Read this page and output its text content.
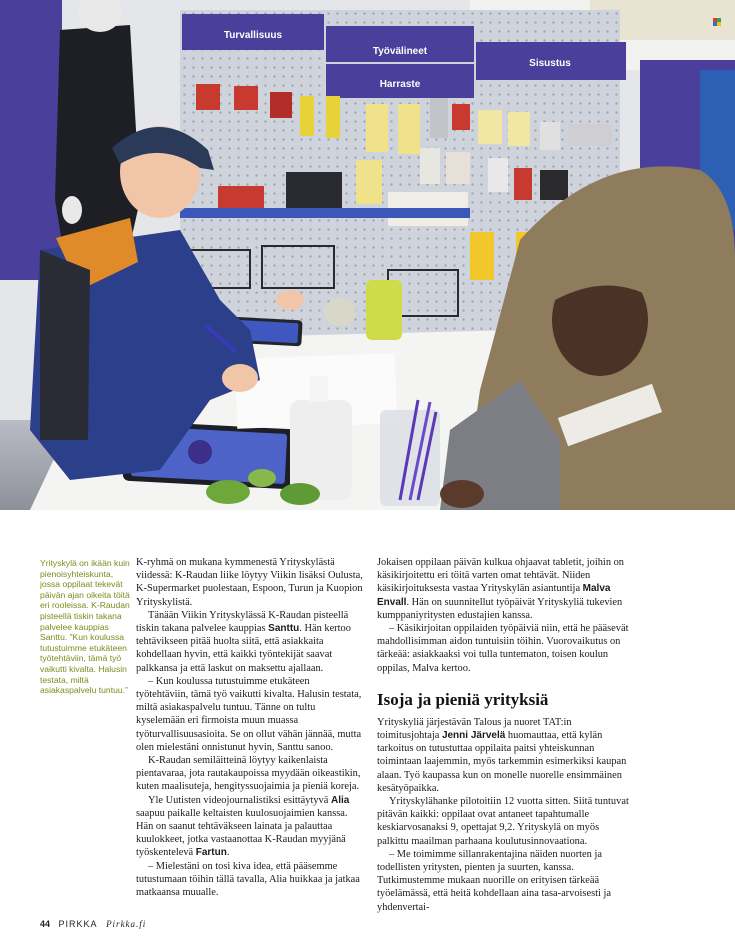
Turvallisuus
Työvälineet
Harraste
Sisustus

Yrityskylä on ikään kuin pienoisyhteiskunta, jossa oppilaat tekevät päivän ajan oikeita töitä eri rooleissa. K-Raudan pisteellä tiskin takana palvelee kauppias Santtu. ”Kun koulussa tutustuimme etukäteen työtehtäviin, tämä työ vaikutti kivalta. Halusin testata, miltä asiakaspalvelu tuntuu.”

K-ryhmä on mukana kymmenestä Yrityskylästä viidessä: K-Raudan liike löytyy Viikin lisäksi Oulusta, K-Supermarket puolestaan, Espoon, Turun ja Kuopion Yrityskylistä.

Tänään Viikin Yrityskylässä K-Raudan pisteellä tiskin takana palvelee kauppias Santtu. Hän kertoo tehtävikseen pitää huolta siitä, että asiakkaita kohdellaan hyvin, että kaikki työntekijät saavat palkkansa ja että laskut on maksettu ajallaan.

– Kun koulussa tutustuimme etukäteen työtehtäviin, tämä työ vaikutti kivalta. Halusin testata, miltä asiakaspalvelu tuntuu. Tänne on tultu kyselemään eri firmoista muun muassa työturvallisuusasioita. Se on ollut vähän jännää, mutta olen mielestäni onnistunut hyvin, Santtu sanoo.

K-Raudan semiläitteinä löytyy kaikenlaista pientavaraa, jota rautakaupoissa myydään oikeastikin, kuten maalisuteja, hengityssuojaimia ja pieniä koreja.

Yle Uutisten videojournalistiksi esittäytyvä Alia saapuu paikalle keltaisten kuulosuojaimien kanssa. Hän on saanut tehtäväkseen lainata ja palauttaa kuulokkeet, jotka vastaanottaa K-Raudan myyjänä työskentelevä Fartun.

– Mielestäni on tosi kiva idea, että pääsemme tutustumaan töihin tällä tavalla, Alia huikkaa ja jatkaa matkaansa muualle.

Jokaisen oppilaan päivän kulkua ohjaavat tabletit, joihin on käsikirjoitettu eri töitä varten omat tehtävät. Niiden käsikirjoituksesta vastaa Yrityskylän asiantuntija Malva Envall. Hän on suunnitellut työpäivät Yrityskyliä tukevien kumppaniyritysten edustajien kanssa.

– Käsikirjoitan oppilaiden työpäiviä niin, että he pääsevät mahdollisimman aidon tuntuisiin töihin. Vuorovaikutus on tärkeää: asiakkaaksi voi tulla tuntematon, toisen koulun oppilas, Malva kertoo.

Isoja ja pieniä yrityksiä

Yrityskyliä järjestävän Talous ja nuoret TAT:in toimitusjohtaja Jenni Järvelä huomauttaa, että kylän tarkoitus on tutustuttaa oppilaita paitsi yhteiskunnan toimintaan laajemmin, myös tarkemmin esimerkiksi kaupan alaan. Työ kaupassa kun on monelle nuorelle ensimmäinen kesätyöpaikka.

Yrityskylähanke pilotoitiin 12 vuotta sitten. Siitä tuntuvat pitävän kaikki: oppilaat ovat antaneet tapahtumalle keskiarvosanaksi 9, opettajat 9,2. Yrityskylä on myös palkittu maailman parhaana koulutusinnovaationa.

– Me toimimme sillanrakentajina näiden nuorten ja todellisten yritysten, pienten ja suurten, kanssa. Tutkimustemme mukaan nuorille on erityisen tärkeää työelämässä, että heitä kohdellaan aina tasa-arvoisesti ja yhdenvertai-

44 PIRKKA Pirkka.fi
